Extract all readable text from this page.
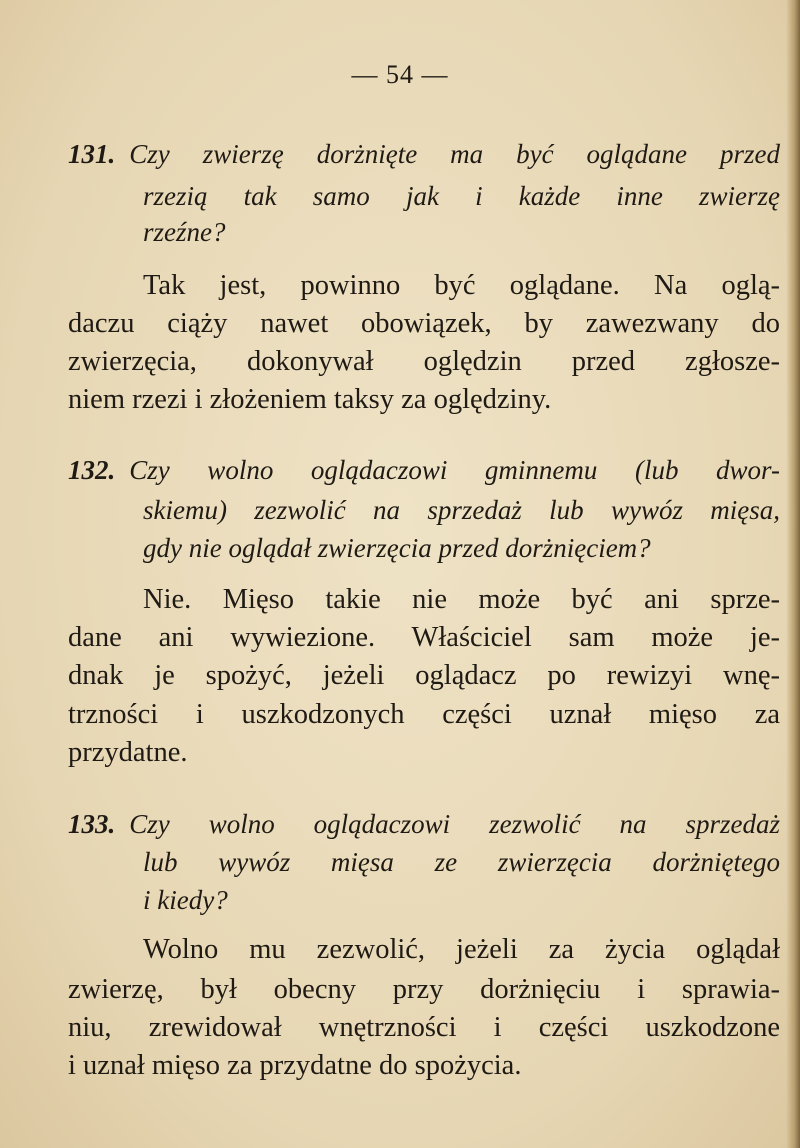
— 54 —
131. Czy zwierzę dorżnięte ma być oglądane przed
rzezią tak samo jak i każde inne zwierzę
rzeźne?
Tak jest, powinno być oglądane. Na oglą-
daczu ciąży nawet obowiązek, by zawezwany do
zwierzęcia, dokonywał oględzin przed zgłosze-
niem rzezi i złożeniem taksy za oględziny.
132. Czy wolno oglądaczowi gminnemu (lub dwor-
skiemu) zezwolić na sprzedaż lub wywóz mięsa,
gdy nie oglądał zwierzęcia przed dorżnięciem?
Nie. Mięso takie nie może być ani sprze-
dane ani wywiezione. Właściciel sam może je-
dnak je spożyć, jeżeli oglądacz po rewizyi wnę-
trzności i uszkodzonych części uznał mięso za
przydatne.
133. Czy wolno oglądaczowi zezwolić na sprzedaż
lub wywóz mięsa ze zwierzęcia dorżniętego
i kiedy?
Wolno mu zezwolić, jeżeli za życia oglądał
zwierzę, był obecny przy dorżnięciu i sprawia-
niu, zrewidował wnętrzności i części uszkodzone
i uznał mięso za przydatne do spożycia.
